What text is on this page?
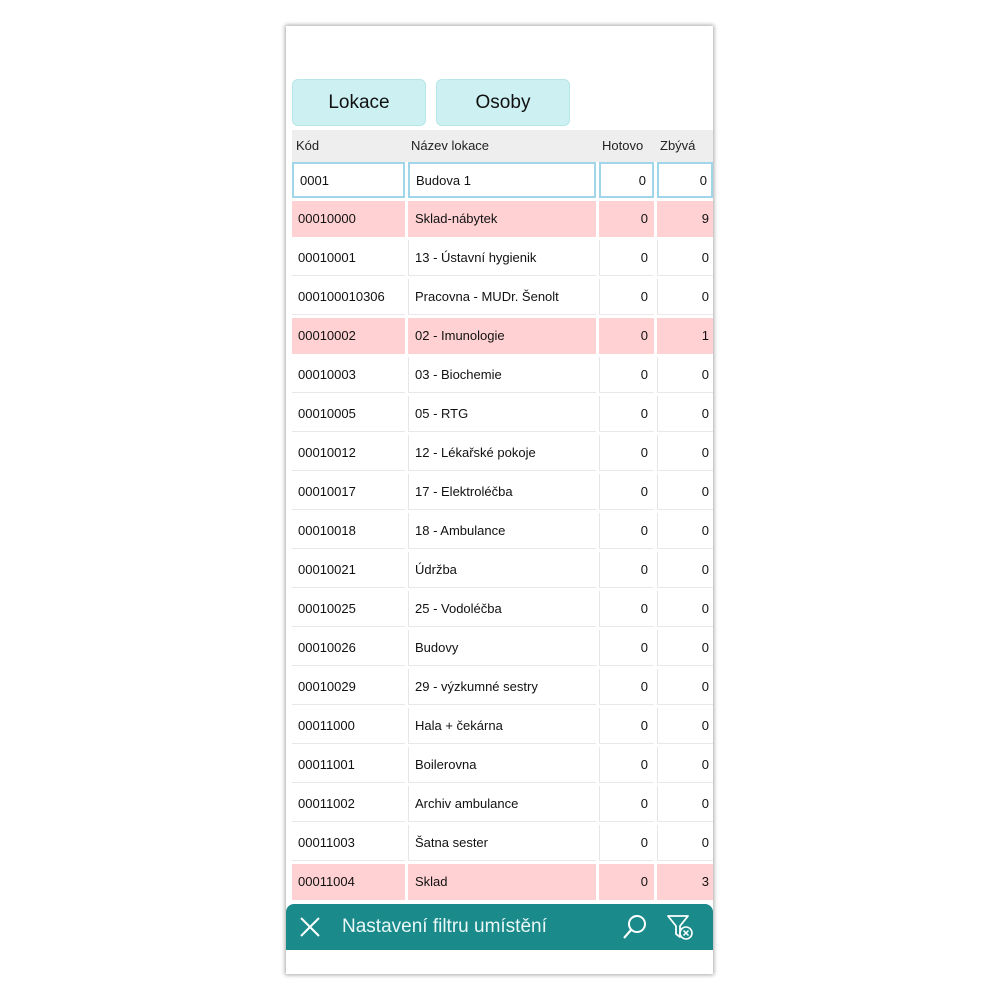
Lokace	Osoby
Kód	Název lokace	Hotovo Zbývá
0001	Budova 1	0	0
00010000	Sklad-nábytek	0	9
00010001	13 - Ústavní hygienik	0	0
000100010306	Pracovna - MUDr. Šenolt	0	0
00010002	02 - Imunologie	0	1
00010003	03 - Biochemie	0	0
00010005	05 - RTG	0	0
00010012	12 - Lékařské pokoje	0	0
00010017	17 - Elektroléčba	0	0
00010018	18 - Ambulance	0	0
00010021	Údržba	0	0
00010025	25 - Vodoléčba	0	0
00010026	Budovy	0	0
00010029	29 - výzkumné sestry	0	0
00011000	Hala + čekárna	0	0
00011001	Boilerovna	0	0
00011002	Archiv ambulance	0	0
00011003	Šatna sester	0	0
00011004	Sklad	0	3
Nastavení filtru umístění
